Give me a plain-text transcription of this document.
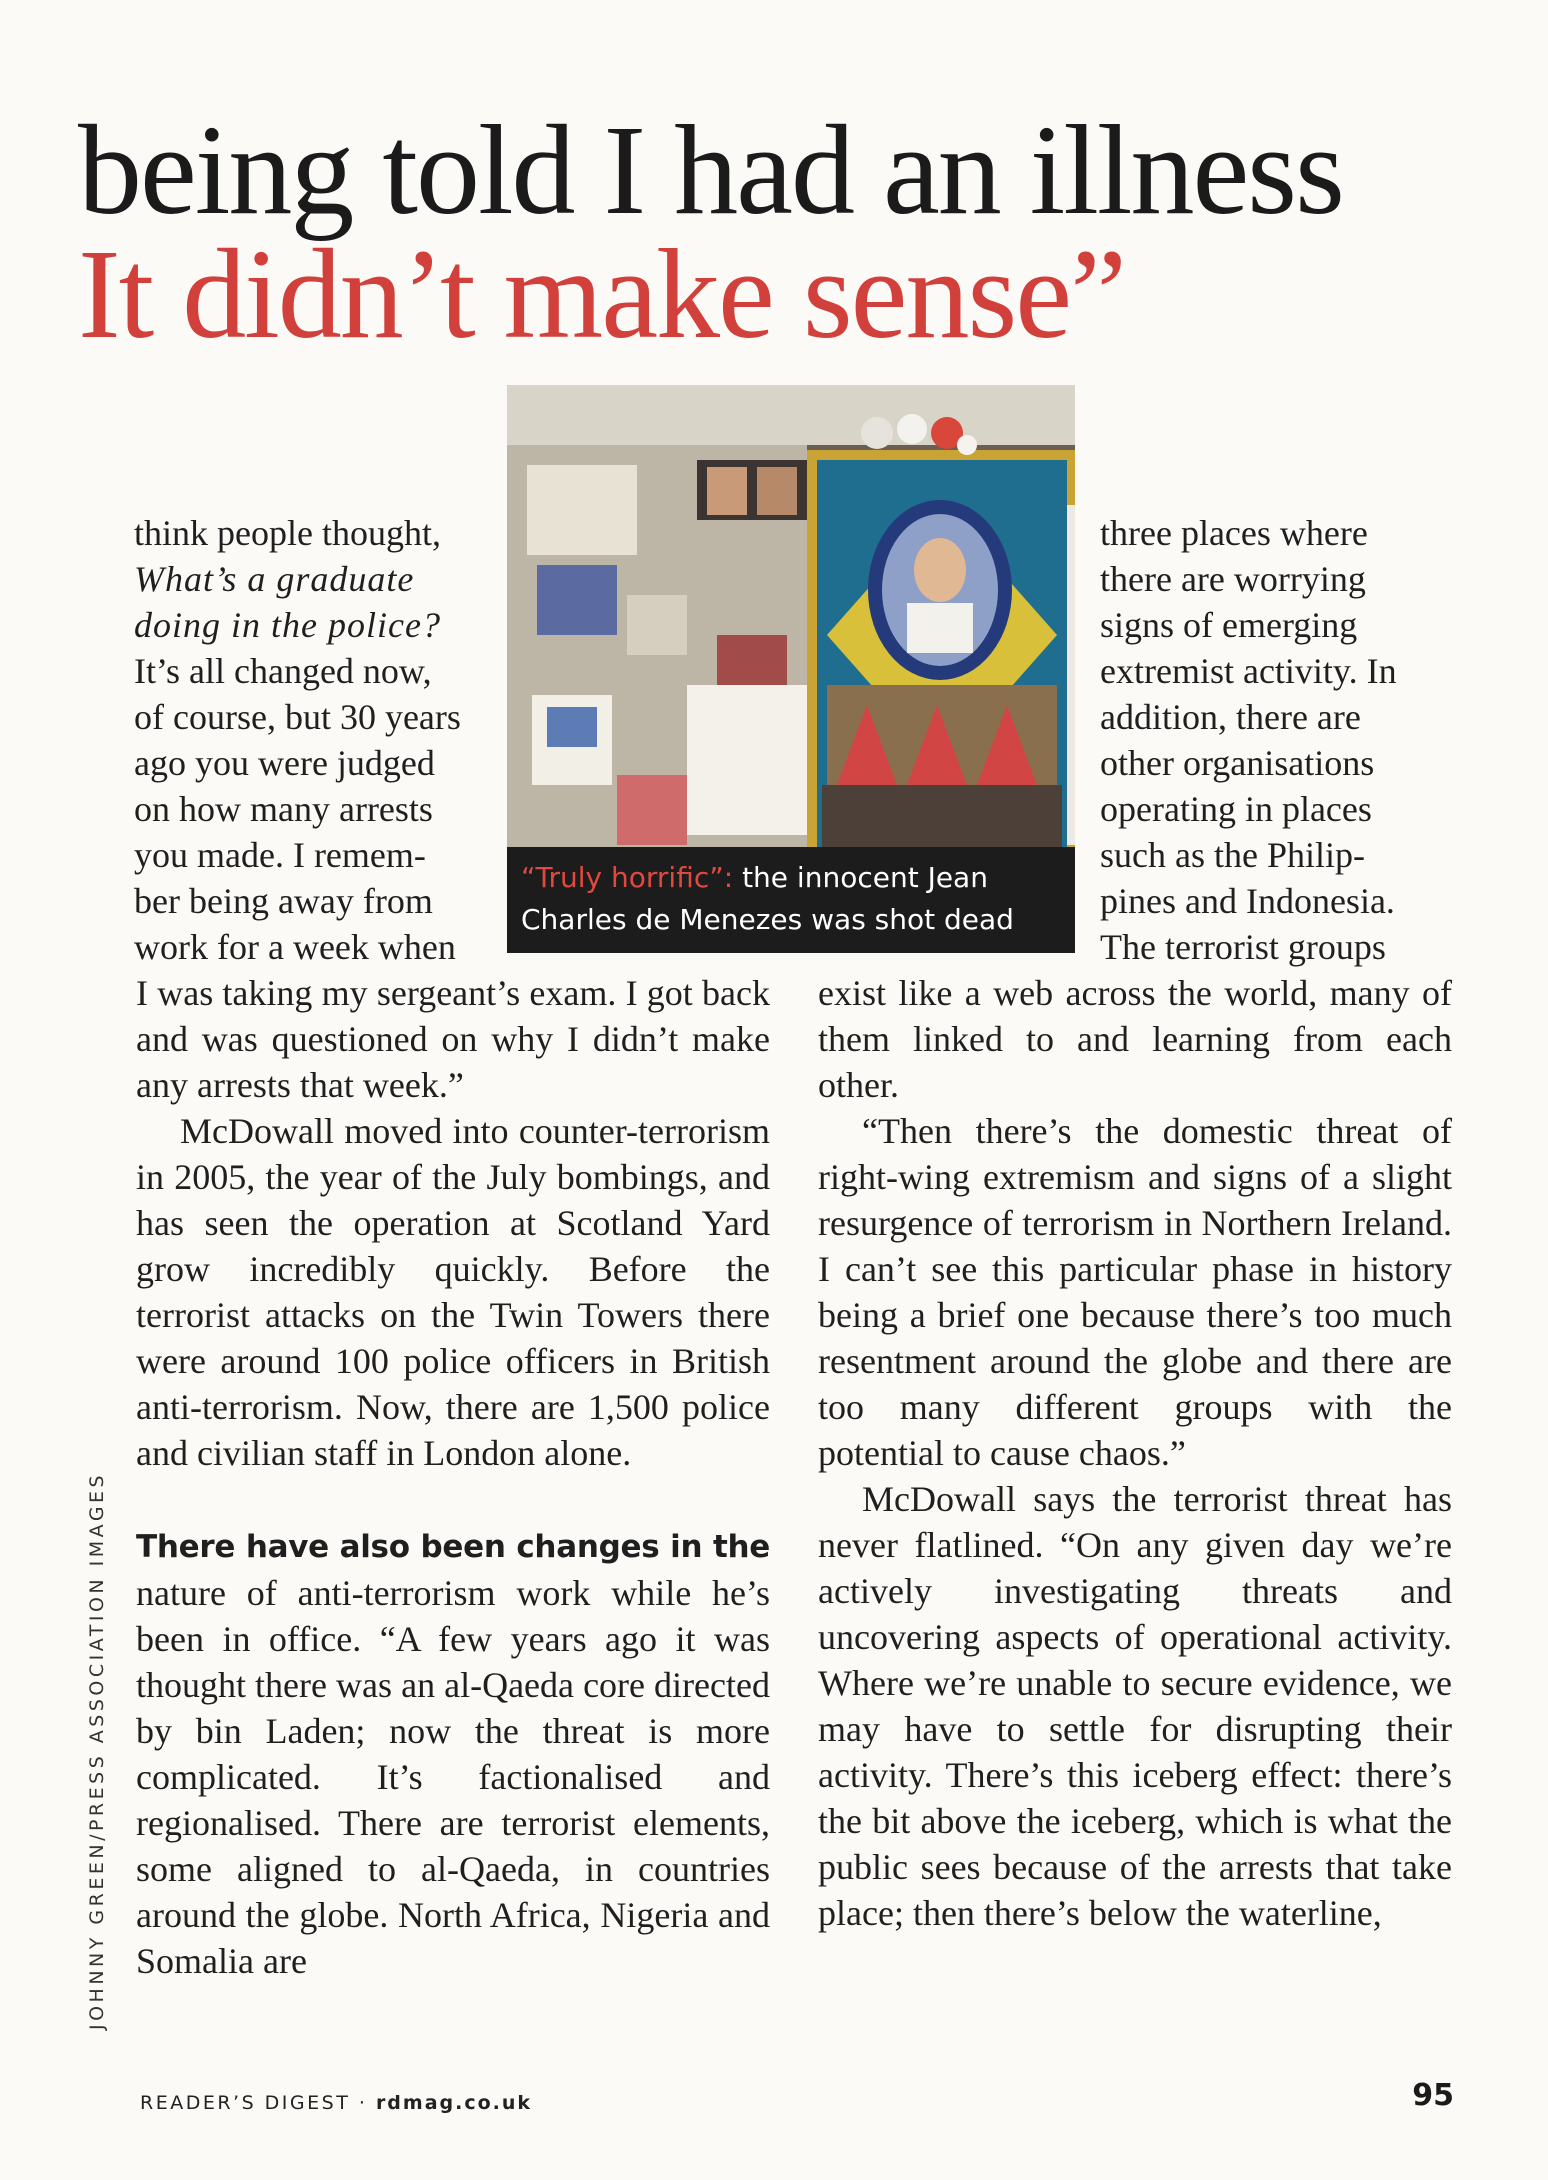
being told I had an illness
It didn’t make sense”

think people thought,

What’s a graduate

doing in the police?

It’s all changed now,

of course, but 30 years

ago you were judged

on how many arrests

you made. I remem-

ber being away from

work for a week when

three places where

there are worrying

signs of emerging

extremist activity. In

addition, there are

other organisations

operating in places

such as the Philip-

pines and Indonesia.

The terrorist groups

“Truly horrific”: the innocent Jean
Charles de Menezes was shot dead

I was taking my sergeant’s exam. I got back and was questioned on why I didn’t make any arrests that week.”

McDowall moved into counter-terrorism in 2005, the year of the July bombings, and has seen the operation at Scotland Yard grow incredibly quickly. Before the terrorist attacks on the Twin Towers there were around 100 police officers in British anti-terrorism. Now, there are 1,500 police and civilian staff in London alone.

There have also been changes in the nature of anti-terrorism work while he’s been in office. “A few years ago it was thought there was an al-Qaeda core directed by bin Laden; now the threat is more complicated. It’s factionalised and regionalised. There are terrorist elements, some aligned to al-Qaeda, in countries around the globe. North Africa, Nigeria and Somalia are

exist like a web across the world, many of them linked to and learning from each other.

“Then there’s the domestic threat of right-wing extremism and signs of a slight resurgence of terrorism in Northern Ireland. I can’t see this particular phase in history being a brief one because there’s too much resentment around the globe and there are too many different groups with the potential to cause chaos.”

McDowall says the terrorist threat has never flatlined. “On any given day we’re actively investigating threats and uncovering aspects of operational activity. Where we’re unable to secure evidence, we may have to settle for disrupting their activity. There’s this iceberg effect: there’s the bit above the iceberg, which is what the public sees because of the arrests that take place; then there’s below the waterline,

JOHNNY GREEN/PRESS ASSOCIATION IMAGES
READER’S DIGEST · rdmag.co.uk	95
